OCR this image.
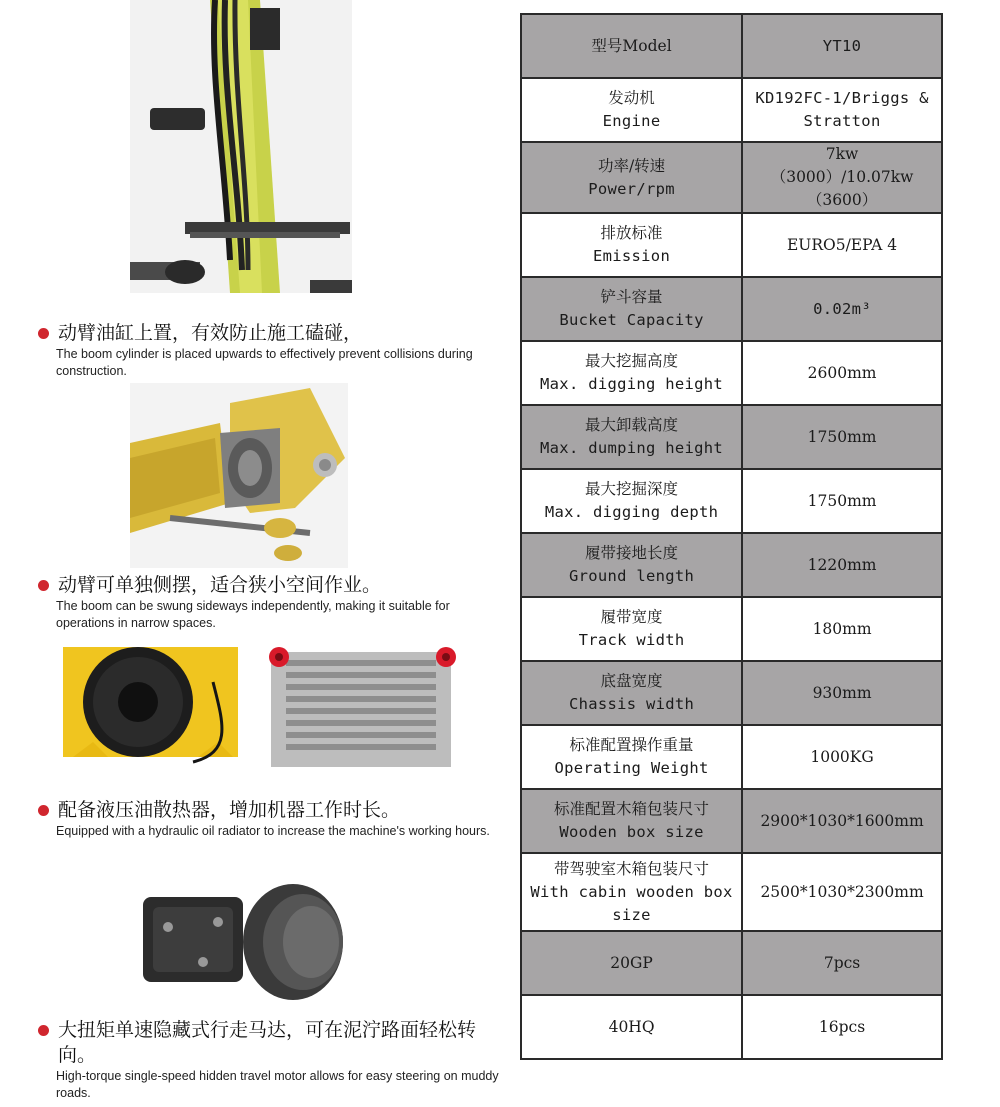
动臂油缸上置，有效防止施工磕碰，
The boom cylinder is placed upwards to effectively prevent collisions during construction.
动臂可单独侧摆，适合狭小空间作业。
The boom can be swung sideways independently, making it suitable for operations in narrow spaces.
配备液压油散热器，增加机器工作时长。
Equipped with a hydraulic oil radiator to increase the machine's working hours.
大扭矩单速隐藏式行走马达，可在泥泞路面轻松转向。
High-torque single-speed hidden travel motor allows for easy steering on muddy roads.
型号Model	YT10

发动机
Engine	KD192FC-1/Briggs & Stratton

功率/转速
Power/rpm	7kw（3000）/10.07kw（3600）

排放标准
Emission	EURO5/EPA 4

铲斗容量
Bucket Capacity	0.02m³

最大挖掘高度
Max. digging height	2600mm

最大卸载高度
Max. dumping height	1750mm

最大挖掘深度
Max. digging depth	1750mm

履带接地长度
Ground length	1220mm

履带宽度
Track width	180mm

底盘宽度
Chassis width	930mm

标准配置操作重量
Operating Weight	1000KG

标准配置木箱包装尺寸
Wooden box size	2900*1030*1600mm

带驾驶室木箱包装尺寸
With cabin wooden box size	2500*1030*2300mm
20GP	7pcs
40HQ	16pcs
